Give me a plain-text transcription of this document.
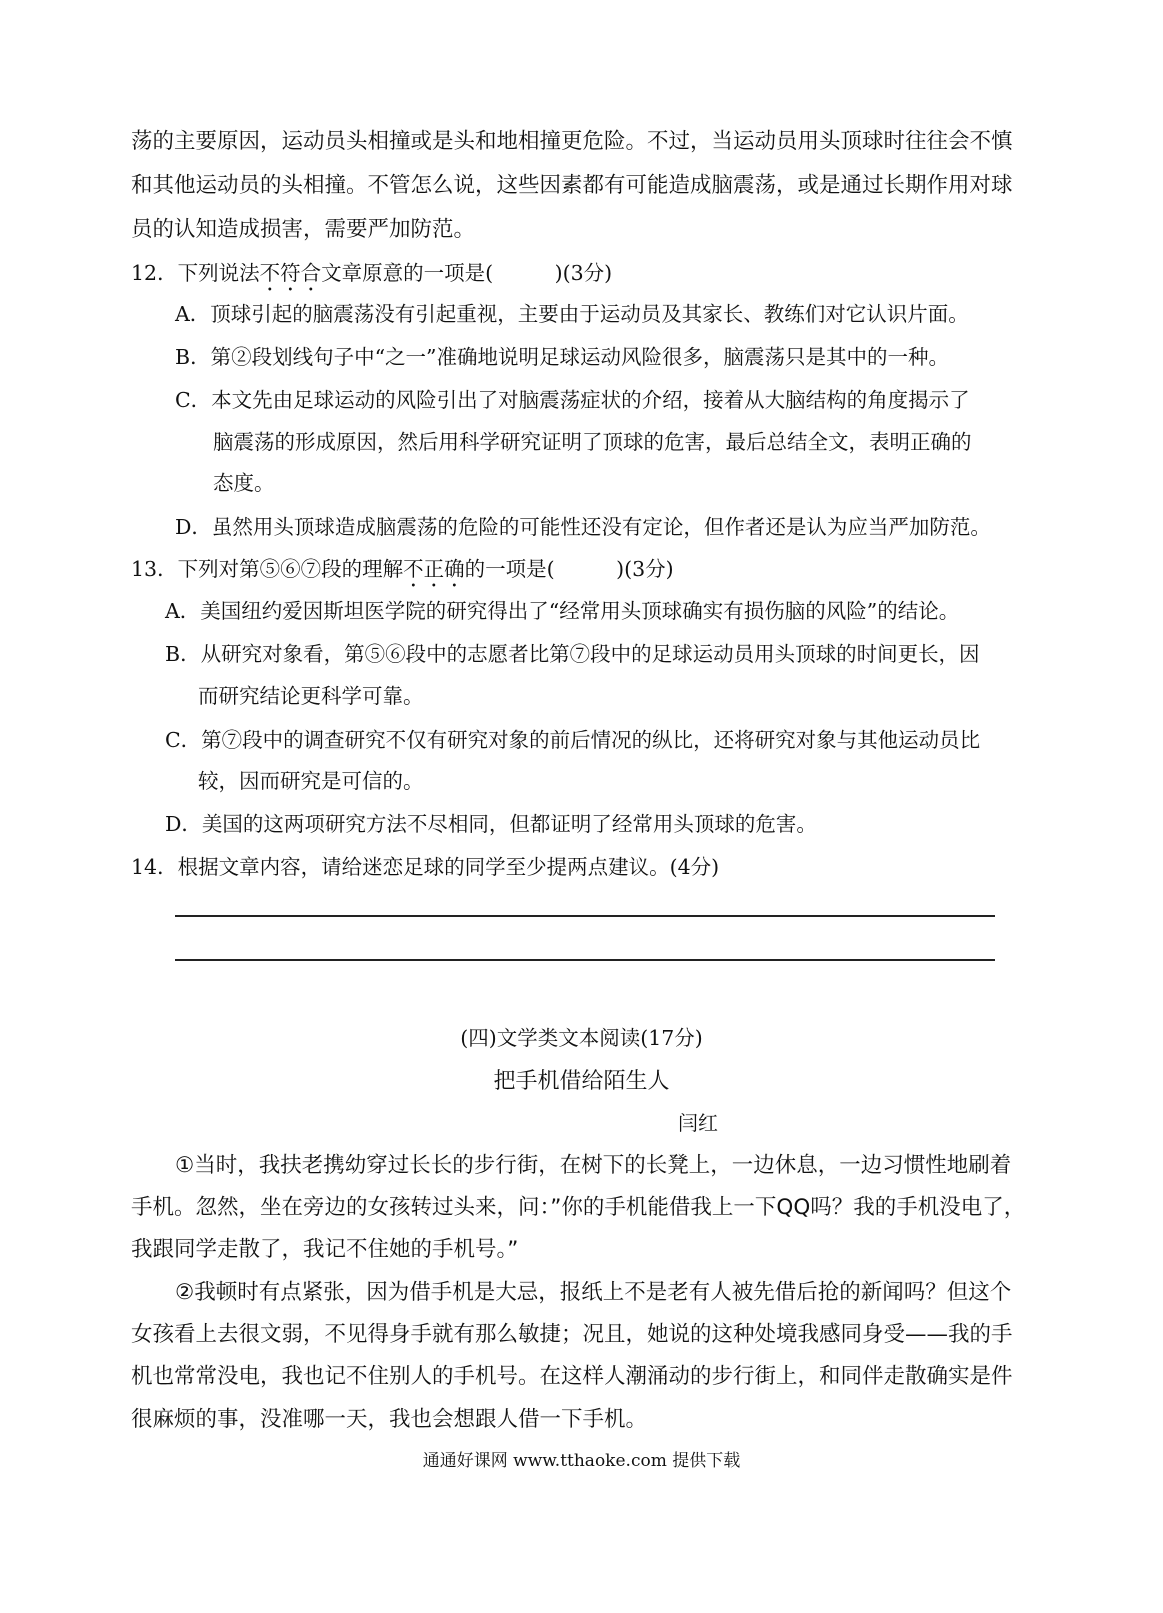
荡的主要原因，运动员头相撞或是头和地相撞更危险。不过，当运动员用头顶球时往往会不慎
和其他运动员的头相撞。不管怎么说，这些因素都有可能造成脑震荡，或是通过长期作用对球
员的认知造成损害，需要严加防范。
12．下列说法不符合文章原意的一项是(　　　)(3分)
A．顶球引起的脑震荡没有引起重视，主要由于运动员及其家长、教练们对它认识片面。
B．第②段划线句子中“之一”准确地说明足球运动风险很多，脑震荡只是其中的一种。
C．本文先由足球运动的风险引出了对脑震荡症状的介绍，接着从大脑结构的角度揭示了
脑震荡的形成原因，然后用科学研究证明了顶球的危害，最后总结全文，表明正确的
态度。
D．虽然用头顶球造成脑震荡的危险的可能性还没有定论，但作者还是认为应当严加防范。
13．下列对第⑤⑥⑦段的理解不正确的一项是(　　　)(3分)
A．美国纽约爱因斯坦医学院的研究得出了“经常用头顶球确实有损伤脑的风险”的结论。
B．从研究对象看，第⑤⑥段中的志愿者比第⑦段中的足球运动员用头顶球的时间更长，因
而研究结论更科学可靠。
C．第⑦段中的调查研究不仅有研究对象的前后情况的纵比，还将研究对象与其他运动员比
较，因而研究是可信的。
D．美国的这两项研究方法不尽相同，但都证明了经常用头顶球的危害。
14．根据文章内容，请给迷恋足球的同学至少提两点建议。(4分)
(四)文学类文本阅读(17分)
把手机借给陌生人
闫红
①当时，我扶老携幼穿过长长的步行街，在树下的长凳上，一边休息，一边习惯性地刷着
手机。忽然，坐在旁边的女孩转过头来，问：”你的手机能借我上一下QQ吗？我的手机没电了，
我跟同学走散了，我记不住她的手机号。”
②我顿时有点紧张，因为借手机是大忌，报纸上不是老有人被先借后抢的新闻吗？但这个
女孩看上去很文弱，不见得身手就有那么敏捷；况且，她说的这种处境我感同身受——我的手
机也常常没电，我也记不住别人的手机号。在这样人潮涌动的步行街上，和同伴走散确实是件
很麻烦的事，没准哪一天，我也会想跟人借一下手机。
通通好课网 www.tthaoke.com 提供下载
